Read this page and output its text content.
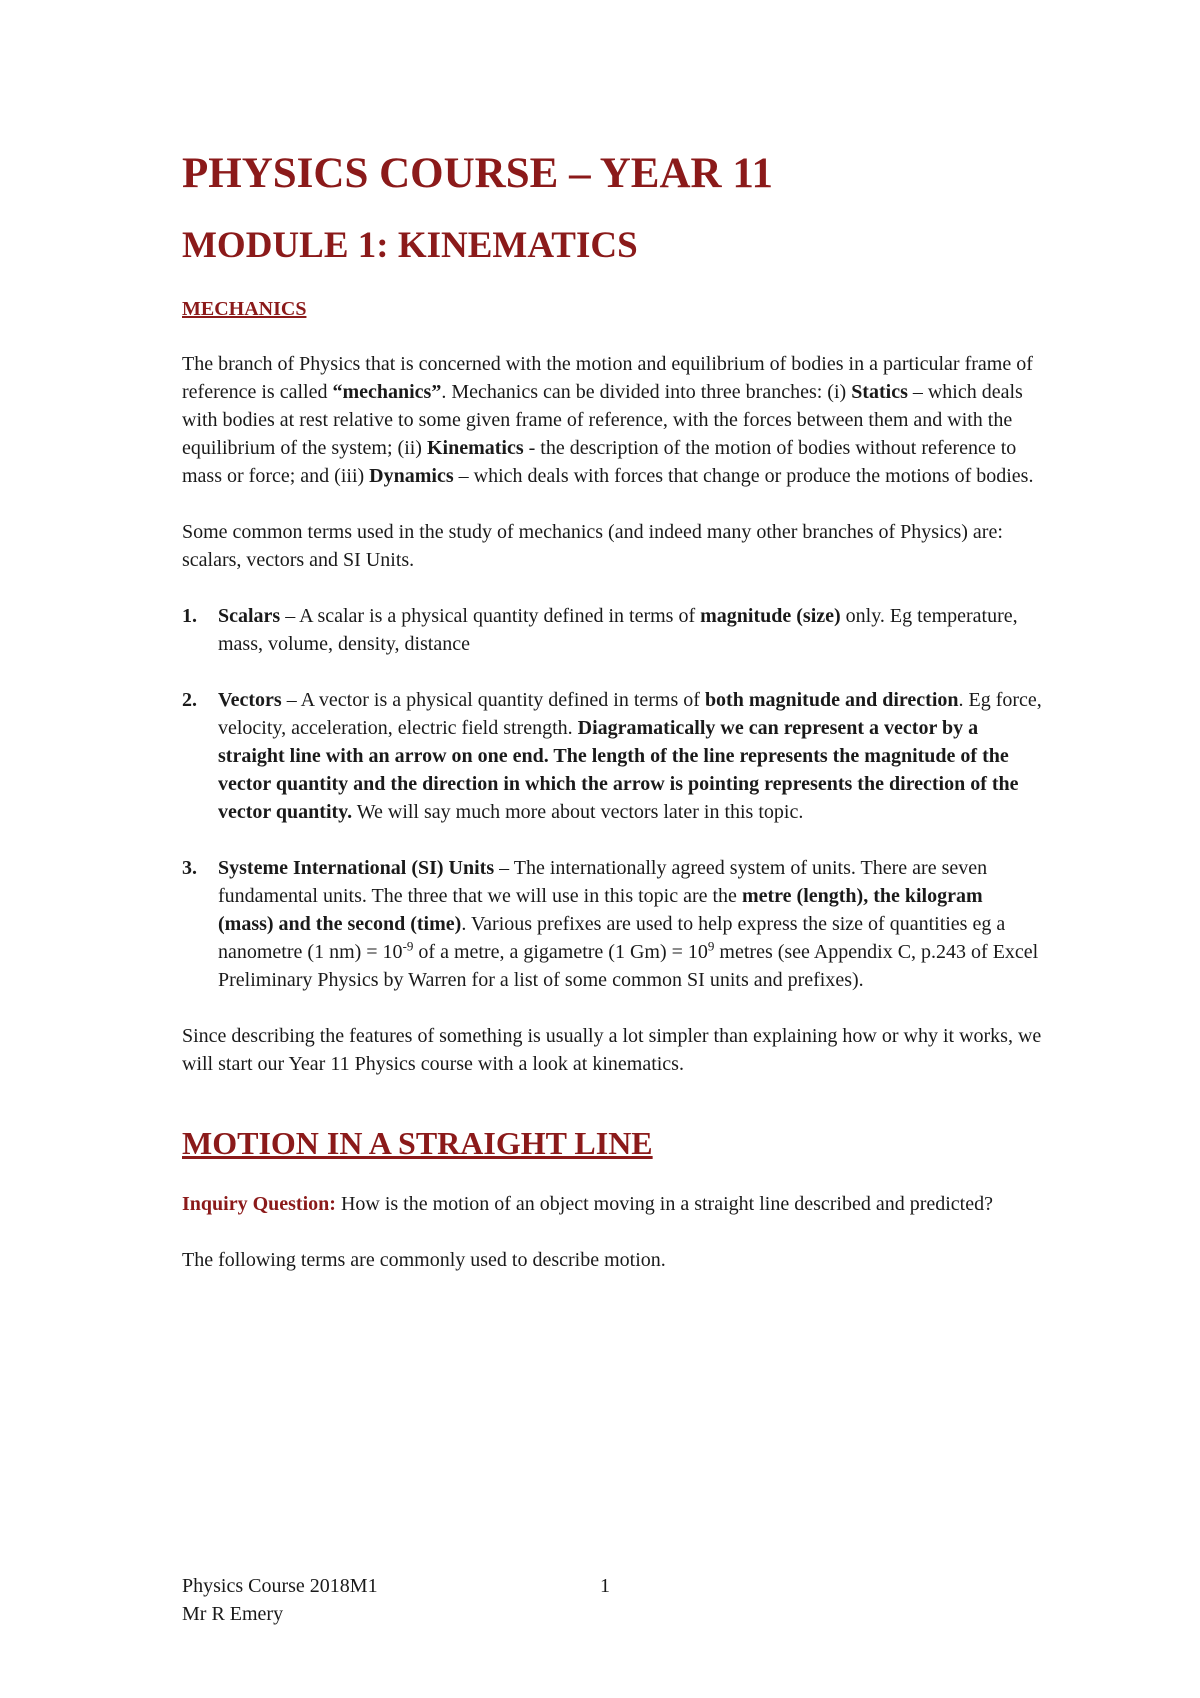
PHYSICS COURSE – YEAR 11
MODULE 1: KINEMATICS
MECHANICS

The branch of Physics that is concerned with the motion and equilibrium of bodies in a particular frame of reference is called “mechanics”. Mechanics can be divided into three branches: (i) Statics – which deals with bodies at rest relative to some given frame of reference, with the forces between them and with the equilibrium of the system; (ii) Kinematics - the description of the motion of bodies without reference to mass or force; and (iii) Dynamics – which deals with forces that change or produce the motions of bodies.

Some common terms used in the study of mechanics (and indeed many other branches of Physics) are: scalars, vectors and SI Units.

1.	Scalars – A scalar is a physical quantity defined in terms of magnitude (size) only. Eg temperature, mass, volume, density, distance
2.	Vectors – A vector is a physical quantity defined in terms of both magnitude and direction. Eg force, velocity, acceleration, electric field strength. Diagramatically we can represent a vector by a straight line with an arrow on one end. The length of the line represents the magnitude of the vector quantity and the direction in which the arrow is pointing represents the direction of the vector quantity. We will say much more about vectors later in this topic.
3.	Systeme International (SI) Units – The internationally agreed system of units. There are seven fundamental units. The three that we will use in this topic are the metre (length), the kilogram (mass) and the second (time). Various prefixes are used to help express the size of quantities eg a nanometre (1 $nm) = 10^{-9}$ of a metre, a gigametre (1 $Gm) = 10^9$ metres (see Appendix C, p.243 of Excel Preliminary Physics by Warren for a list of some common SI units and prefixes).

Since describing the features of something is usually a lot simpler than explaining how or why it works, we will start our Year 11 Physics course with a look at kinematics.

MOTION IN A STRAIGHT LINE

Inquiry Question: How is the motion of an object moving in a straight line described and predicted?

The following terms are commonly used to describe motion.

Physics Course 2018M1
Mr R Emery
1
